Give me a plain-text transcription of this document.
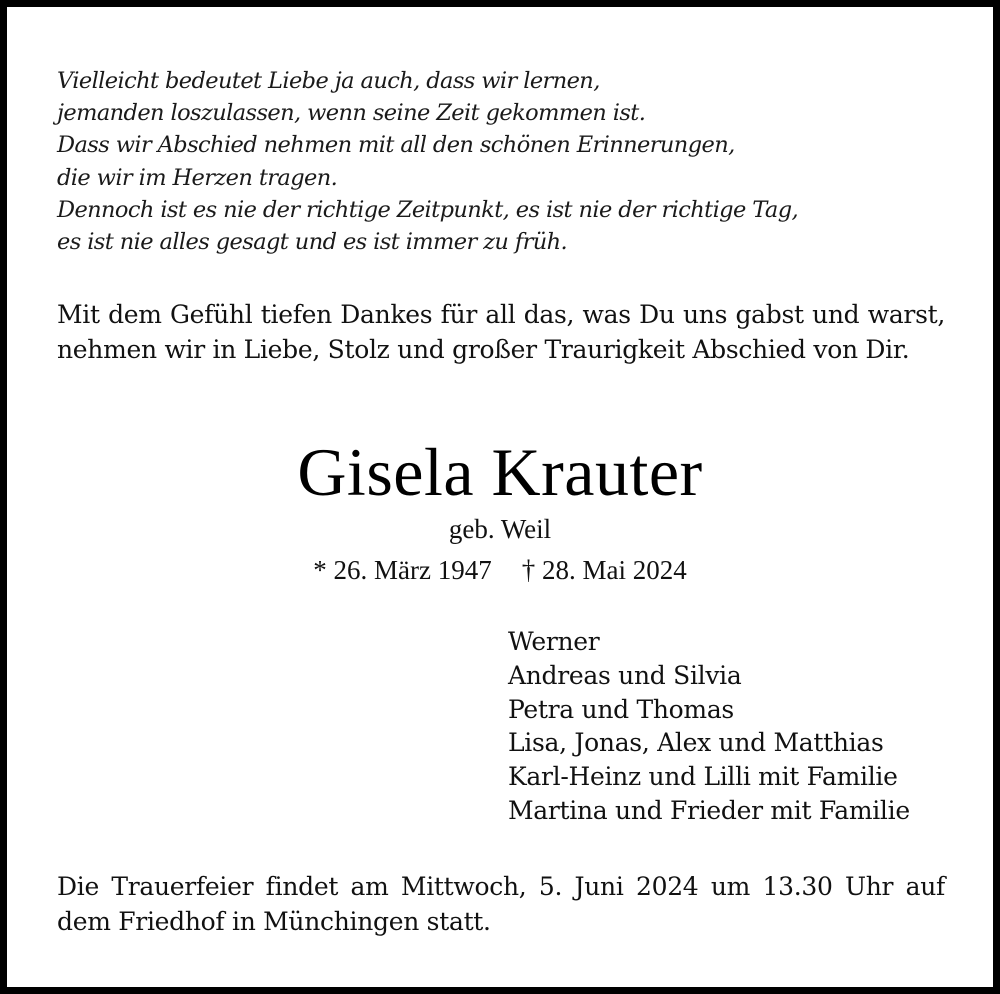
Vielleicht bedeutet Liebe ja auch, dass wir lernen,
jemanden loszulassen, wenn seine Zeit gekommen ist.
Dass wir Abschied nehmen mit all den schönen Erinnerungen,
die wir im Herzen tragen.
Dennoch ist es nie der richtige Zeitpunkt, es ist nie der richtige Tag,
es ist nie alles gesagt und es ist immer zu früh.

Mit dem Gefühl tiefen Dankes für all das, was Du uns gabst und warst, nehmen wir in Liebe, Stolz und großer Traurigkeit Abschied von Dir.

Gisela Krauter
geb. Weil
* 26. März 1947 † 28. Mai 2024
Werner
Andreas und Silvia
Petra und Thomas
Lisa, Jonas, Alex und Matthias
Karl-Heinz und Lilli mit Familie
Martina und Frieder mit Familie

Die Trauerfeier findet am Mittwoch, 5. Juni 2024 um 13.30 Uhr auf dem Friedhof in Münchingen statt.
